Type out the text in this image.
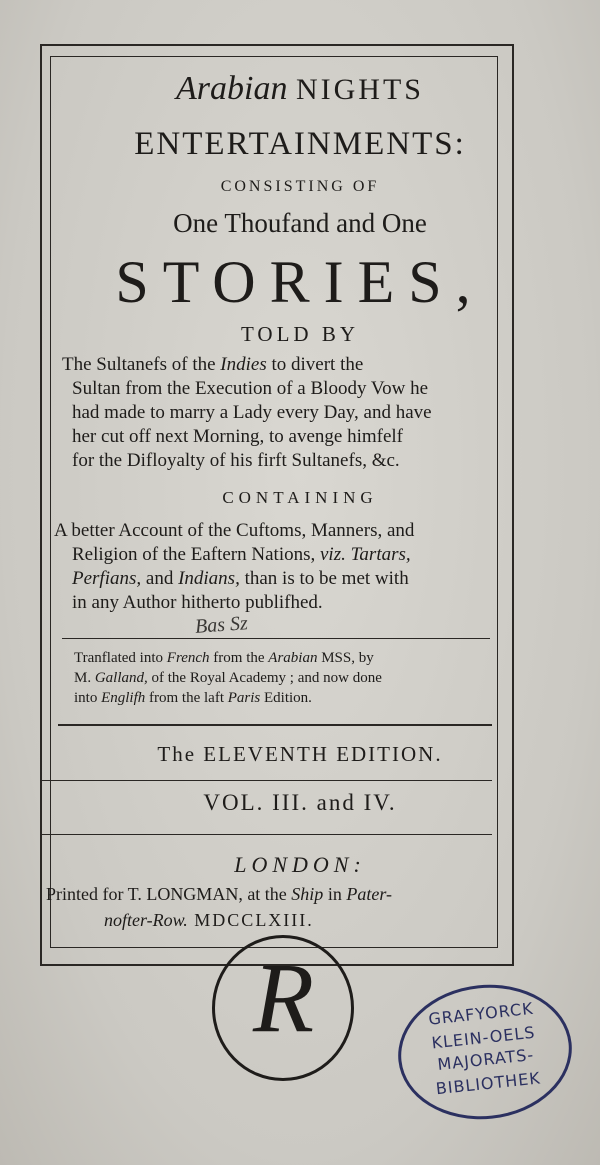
Arabian NIGHTS
ENTERTAINMENTS:
CONSISTING OF
One Thoufand and One
STORIES,
TOLD BY
The Sultanefs of the Indies to divert the
Sultan from the Execution of a Bloody Vow he
had made to marry a Lady every Day, and have
her cut off next Morning, to avenge himfelf
for the Difloyalty of his firft Sultanefs, &c.
CONTAINING
A better Account of the Cuftoms, Manners, and
Religion of the Eaftern Nations, viz. Tartars,
Perfians, and Indians, than is to be met with
in any Author hitherto publifhed.
Bas Sz
Tranflated into French from the Arabian MSS, by
M. Galland, of the Royal Academy ; and now done
into Englifh from the laft Paris Edition.
The ELEVENTH EDITION.
VOL. III. and IV.
LONDON:
Printed for T. LONGMAN, at the Ship in Pater-
nofter-Row. MDCCLXIII.
R	GRAFYORCK
KLEIN-OELS
MAJORATS-
BIBLIOTHEK
